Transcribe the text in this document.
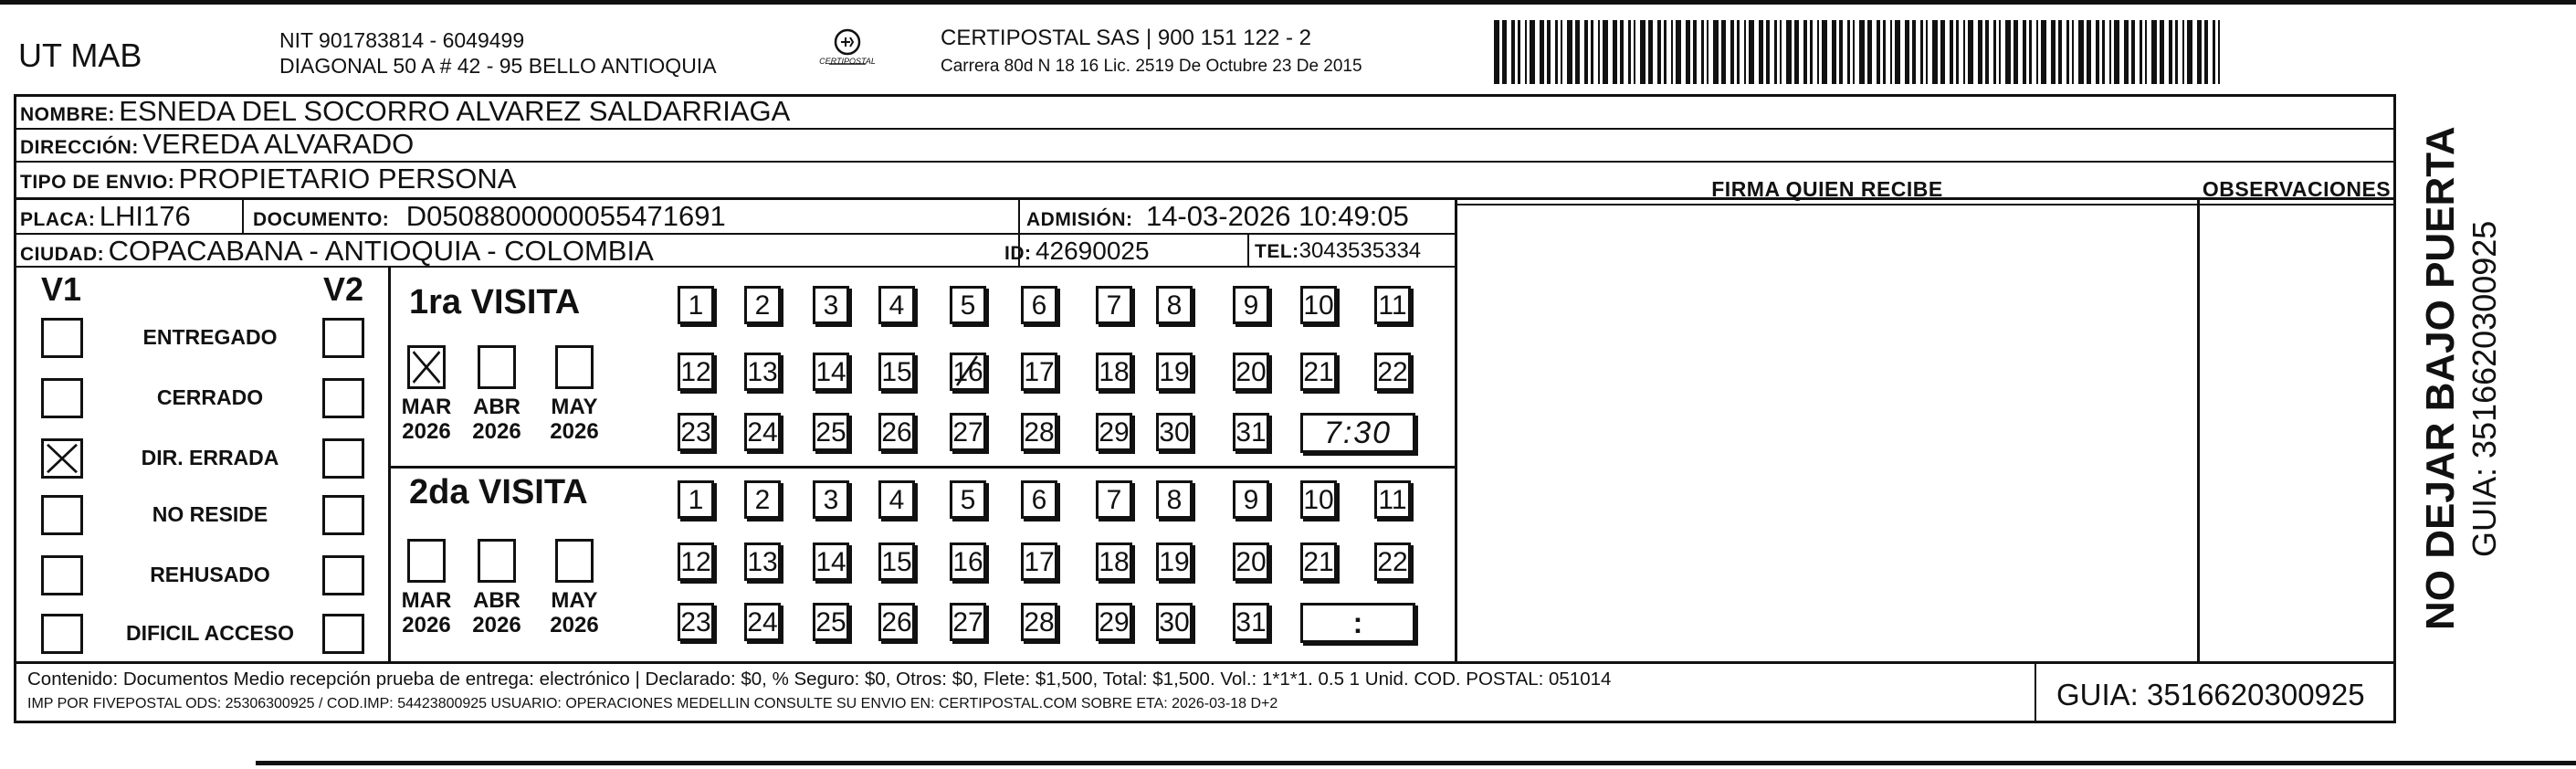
UT MAB	NIT 901783814 - 6049499
DIAGONAL 50 A # 42 - 95 BELLO ANTIOQUIA	CERTIPOSTAL
CERTIPOSTAL SAS | 900 151 122 - 2
Carrera 80d N 18 16 Lic. 2519 De Octubre 23 De 2015
NOMBRE: ESNEDA DEL SOCORRO ALVAREZ SALDARRIAGA
DIRECCIÓN: VEREDA ALVARADO
TIPO DE ENVIO: PROPIETARIO PERSONA
PLACA: LHI176	DOCUMENTO: D0508800000055471691	ADMISIÓN: 14-03-2026 10:49:05
CIUDAD: COPACABANA - ANTIOQUIA - COLOMBIA	ID: 42690025	TEL:3043535334
FIRMA QUIEN RECIBE	OBSERVACIONES
V1	V2
ENTREGADO
CERRADO
DIR. ERRADA
NO RESIDE
REHUSADO
DIFICIL ACCESO
1ra VISITA
2da VISITA
MAR
2026
ABR
2026
MAY
2026
MAR
2026
ABR
2026
MAY
2026
1	2	3	4	5	6	7	8	9	10 11
12 13 14 15 16 17 18 19 20 21 22
23 24 25 26 27 28 29 30 31	7:30
1	2	3	4	5	6	7	8	9	10 11
12 13 14 15 16 17 18 19 20 21 22
23 24 25 26 27 28 29 30 31	:
Contenido: Documentos Medio recepción prueba de entrega: electrónico | Declarado: $0, % Seguro: $0, Otros: $0, Flete: $1,500, Total: $1,500. Vol.: 1*1*1. 0.5 1 Unid. COD. POSTAL: 051014
IMP POR FIVEPOSTAL ODS: 25306300925 / COD.IMP: 54423800925 USUARIO: OPERACIONES MEDELLIN CONSULTE SU ENVIO EN: CERTIPOSTAL.COM SOBRE ETA: 2026-03-18 D+2	GUIA: 3516620300925
NO DEJAR BAJO PUERTA GUIA: 3516620300925
